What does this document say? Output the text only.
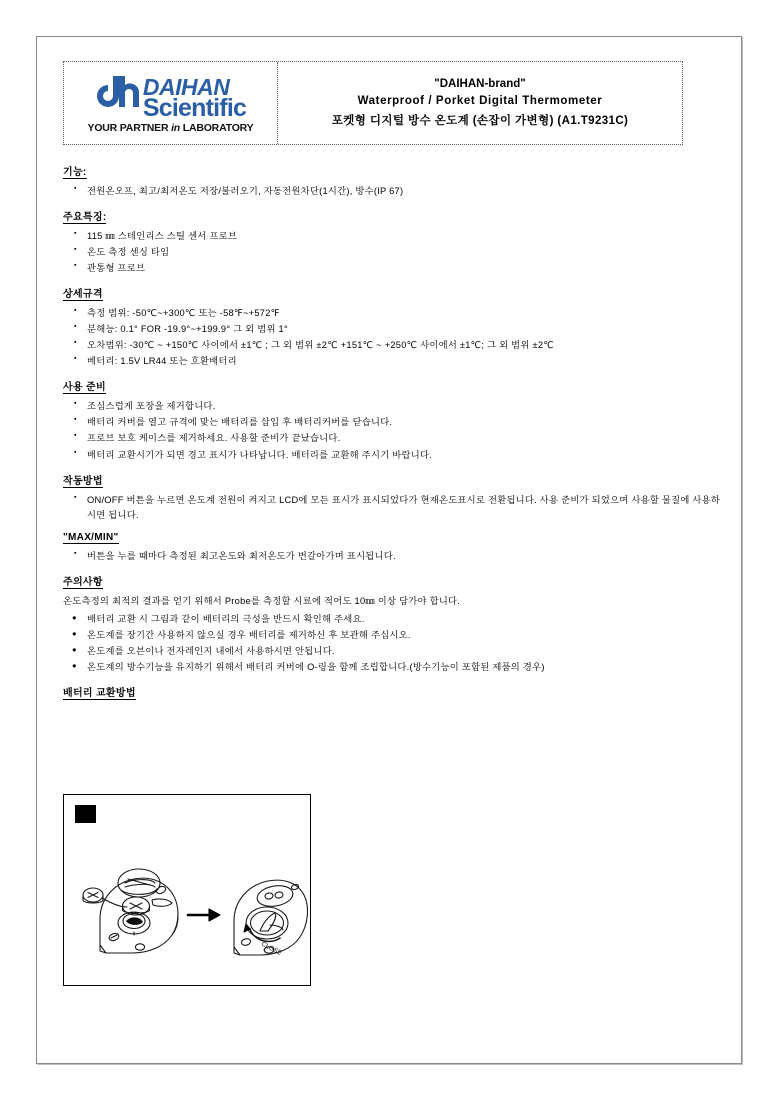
DAIHAN
Scientific
YOUR PARTNER in LABORATORY
"DAIHAN-brand"
Waterproof / Porket Digital Thermometer
포켓형 디지털 방수 온도계 (손잡이 가변형) (A1.T9231C)
기능:
▪ 전원온오프, 최고/최저온도 저장/불러오기, 자동전원차단(1시간), 방수(IP 67)
주요특징:
▪ 115 ㎜ 스테인리스 스틸 센서 프로브
▪ 온도 측정 센싱 타임
▪ 관통형 프로브
상세규격
▪ 측정 범위: -50℃~+300℃ 또는 -58℉~+572℉
▪ 분해능: 0.1° FOR -19.9°~+199.9° 그 외 범위 1°
▪ 오차범위: -30℃ ~ +150℃ 사이에서 ±1℃ ; 그 외 범위 ±2℃ +151℃ ~ +250℃ 사이에서 ±1℃; 그 외 범위 ±2℃
▪ 베터리: 1.5V LR44 또는 호환배터리
사용 준비
▪ 조심스럽게 포장을 제거합니다.
▪ 배터리 커버를 열고 규격에 맞는 배터리를 삽입 후 배터리커버를 닫습니다.
▪ 프로브 보호 케이스를 제거하세요. 사용할 준비가 끝났습니다.
▪ 배터리 교환시기가 되면 경고 표시가 나타납니다. 배터리를 교환해 주시기 바랍니다.
작동방법
▪ ON/OFF 버튼을 누르면 온도계 전원이 켜지고 LCD에 모든 표시가 표시되었다가 현재온도표시로 전환됩니다. 사용 준비가 되었으며 사용할 물질에 사용하시면 됩니다.
"MAX/MIN"
▪ 버튼을 누를 때마다 측정된 최고온도와 최저온도가 번갈아가며 표시됩니다.
주의사항

온도측정의 최적의 결과를 얻기 위해서 Probe를 측정할 시료에 적어도 10㎜ 이상 담가야 합니다.

● 배터리 교환 시 그림과 같이 배터리의 극성을 반드시 확인해 주세요.
● 온도계를 장기간 사용하지 않으실 경우 배터리를 제거하신 후 보관해 주십시오.
● 온도계를 오븐이나 전자레인지 내에서 사용하시면 안됩니다.
● 온도계의 방수기능을 유지하기 위해서 배터리 커버에 O-링을 함께 조립합니다.(방수기능이 포함된 제품의 경우)
배터리 교환방법
CLOSE
